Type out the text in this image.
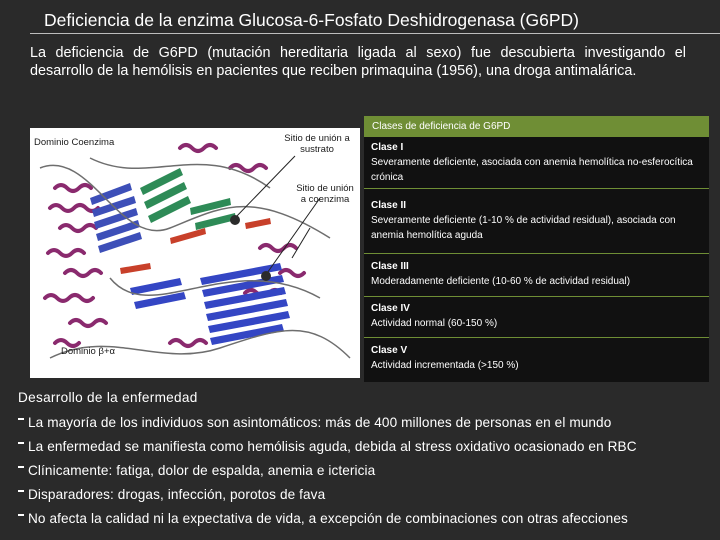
Deficiencia de la enzima Glucosa-6-Fosfato Deshidrogenasa (G6PD)
La deficiencia de G6PD (mutación hereditaria ligada al sexo) fue descubierta investigando el desarrollo de la hemólisis en pacientes que reciben primaquina (1956), una droga antimalárica.
Dominio Coenzima	Sitio de unión a sustrato
Sitio de unión a coenzima
Dominio β+α
Clases de deficiencia de G6PD
Clase I
Severamente deficiente, asociada con anemia hemolítica no-esferocítica crónica
Clase II
Severamente deficiente (1-10 % de actividad residual), asociada con anemia hemolítica aguda
Clase III
Moderadamente deficiente (10-60 % de actividad residual)
Clase IV
Actividad normal (60-150 %)
Clase V
Actividad incrementada (>150 %)
Desarrollo de la enfermedad
La mayoría de los individuos son asintomáticos: más de 400 millones de personas en el mundo
La enfermedad se manifiesta como hemólisis aguda, debida al stress oxidativo ocasionado en RBC
Clínicamente: fatiga, dolor de espalda, anemia e ictericia
Disparadores: drogas, infección, porotos de fava
No afecta la calidad ni la expectativa de vida, a excepción de combinaciones con otras afecciones
